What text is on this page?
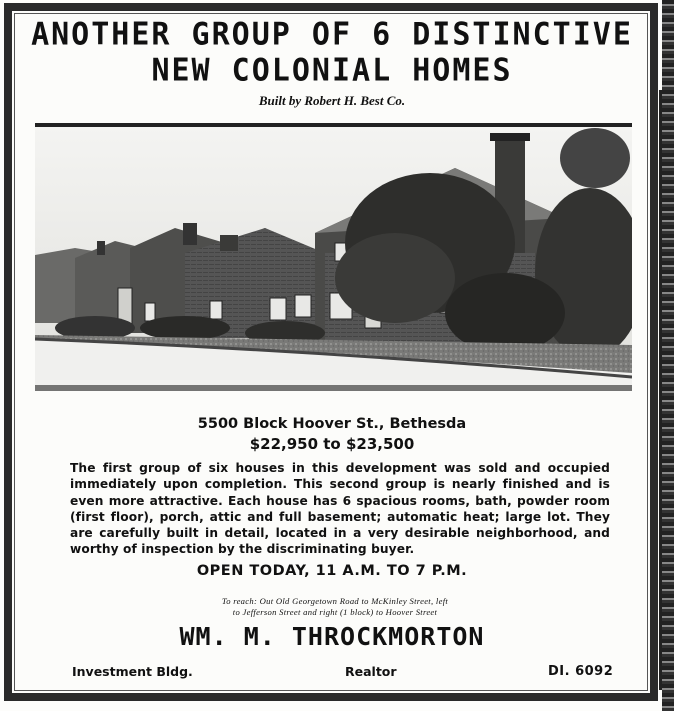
ANOTHER GROUP OF 6 DISTINCTIVE
NEW COLONIAL HOMES
Built by Robert H. Best Co.
5500 Block Hoover St., Bethesda
$22,950 to $23,500
The first group of six houses in this development was sold and occupied immediately upon completion. This second group is nearly finished and is even more attractive. Each house has 6 spacious rooms, bath, powder room (first floor), porch, attic and full basement; automatic heat; large lot. They are carefully built in detail, located in a very desirable neighborhood, and worthy of inspection by the discriminating buyer.
OPEN TODAY, 11 A.M. TO 7 P.M.
To reach: Out Old Georgetown Road to McKinley Street, left
to Jefferson Street and right (1 block) to Hoover Street
WM. M. THROCKMORTON
Investment Bldg.	Realtor	DI. 6092
